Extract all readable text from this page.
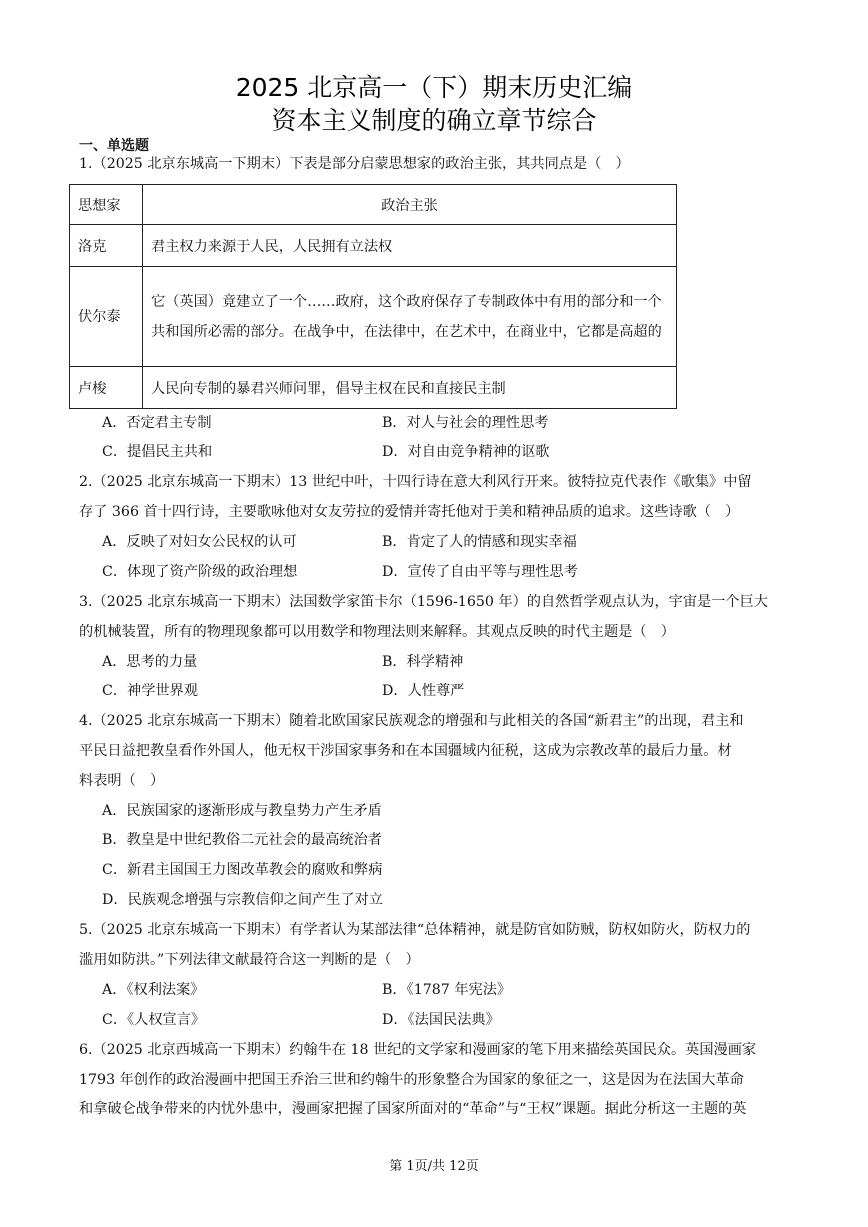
2025 北京高一（下）期末历史汇编
资本主义制度的确立章节综合
一、单选题
1.（2025 北京东城高一下期末）下表是部分启蒙思想家的政治主张，其共同点是（　）
思想家	政治主张
洛克	君主权力来源于人民，人民拥有立法权
伏尔泰	它（英国）竟建立了一个……政府，这个政府保存了专制政体中有用的部分和一个共和国所必需的部分。在战争中，在法律中，在艺术中，在商业中，它都是高超的
卢梭	人民向专制的暴君兴师问罪，倡导主权在民和直接民主制
A．否定君主专制	B．对人与社会的理性思考
C．提倡民主共和	D．对自由竞争精神的讴歌
2.（2025 北京东城高一下期末）13 世纪中叶，十四行诗在意大利风行开来。彼特拉克代表作《歌集》中留
存了 366 首十四行诗，主要歌咏他对女友劳拉的爱情并寄托他对于美和精神品质的追求。这些诗歌（　）
A．反映了对妇女公民权的认可	B．肯定了人的情感和现实幸福
C．体现了资产阶级的政治理想	D．宣传了自由平等与理性思考
3.（2025 北京东城高一下期末）法国数学家笛卡尔（1596-1650 年）的自然哲学观点认为，宇宙是一个巨大
的机械装置，所有的物理现象都可以用数学和物理法则来解释。其观点反映的时代主题是（　）
A．思考的力量	B．科学精神
C．神学世界观	D．人性尊严
4.（2025 北京东城高一下期末）随着北欧国家民族观念的增强和与此相关的各国“新君主”的出现，君主和
平民日益把教皇看作外国人，他无权干涉国家事务和在本国疆域内征税，这成为宗教改革的最后力量。材
料表明（　）
A．民族国家的逐渐形成与教皇势力产生矛盾
B．教皇是中世纪教俗二元社会的最高统治者
C．新君主国国王力图改革教会的腐败和弊病
D．民族观念增强与宗教信仰之间产生了对立
5.（2025 北京东城高一下期末）有学者认为某部法律“总体精神，就是防官如防贼，防权如防火，防权力的
滥用如防洪。”下列法律文献最符合这一判断的是（　）
A．《权利法案》	B．《1787 年宪法》
C．《人权宣言》	D．《法国民法典》
6.（2025 北京西城高一下期末）约翰牛在 18 世纪的文学家和漫画家的笔下用来描绘英国民众。英国漫画家
1793 年创作的政治漫画中把国王乔治三世和约翰牛的形象整合为国家的象征之一，这是因为在法国大革命
和拿破仑战争带来的内忧外患中，漫画家把握了国家所面对的“革命”与“王权”课题。据此分析这一主题的英
第 1页/共 12页
